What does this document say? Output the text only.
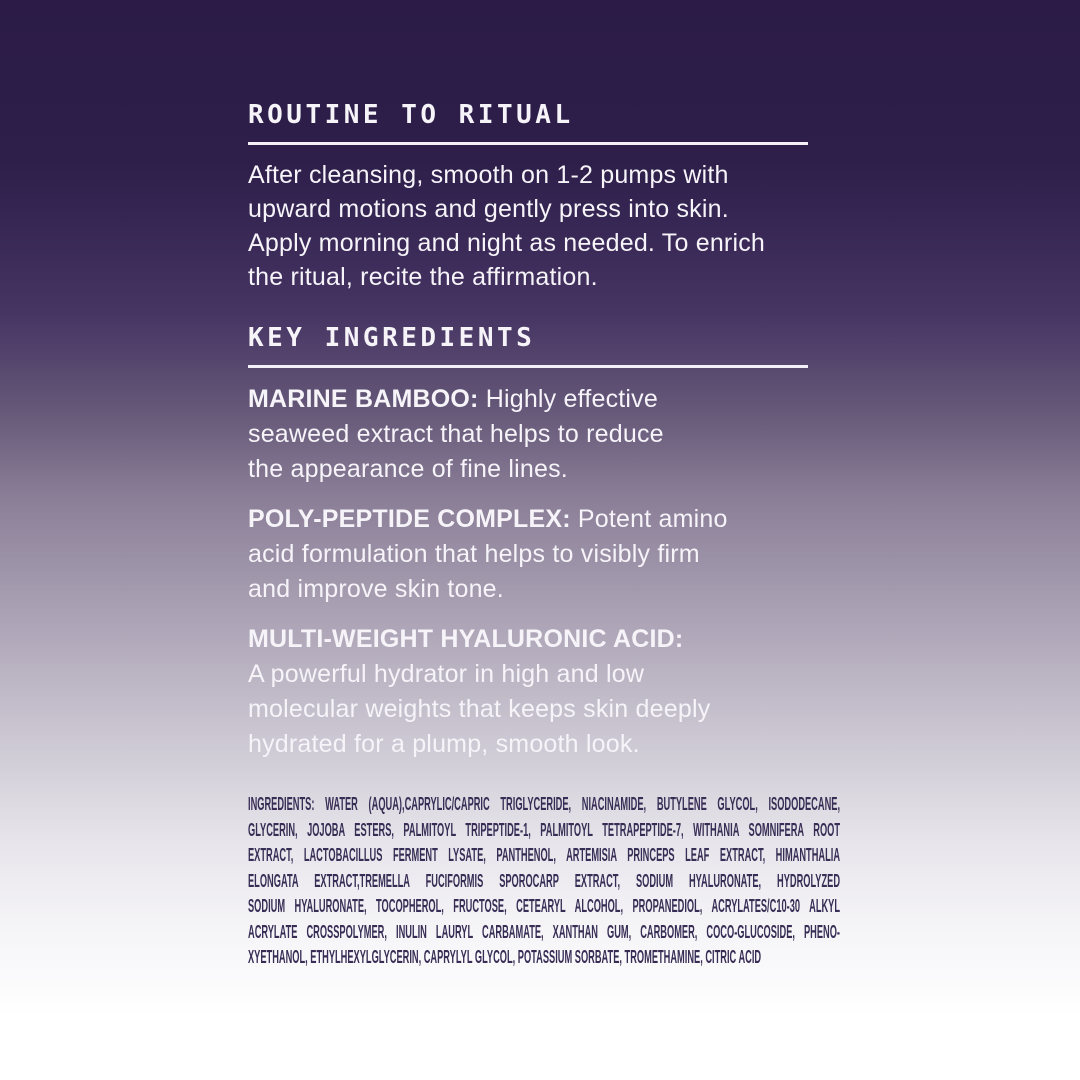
ROUTINE TO RITUAL
After cleansing, smooth on 1-2 pumps with
upward motions and gently press into skin.
Apply morning and night as needed. To enrich
the ritual, recite the affirmation.
KEY INGREDIENTS
MARINE BAMBOO: Highly effective
seaweed extract that helps to reduce
the appearance of fine lines.
POLY-PEPTIDE COMPLEX: Potent amino
acid formulation that helps to visibly firm
and improve skin tone.
MULTI-WEIGHT HYALURONIC ACID:
A powerful hydrator in high and low
molecular weights that keeps skin deeply
hydrated for a plump, smooth look.
INGREDIENTS: WATER (AQUA),CAPRYLIC/CAPRIC TRIGLYCERIDE, NIACINAMIDE, BUTYLENE GLYCOL, ISODODECANE,
GLYCERIN, JOJOBA ESTERS, PALMITOYL TRIPEPTIDE-1, PALMITOYL TETRAPEPTIDE-7, WITHANIA SOMNIFERA ROOT
EXTRACT, LACTOBACILLUS FERMENT LYSATE, PANTHENOL, ARTEMISIA PRINCEPS LEAF EXTRACT, HIMANTHALIA
ELONGATA EXTRACT,TREMELLA FUCIFORMIS SPOROCARP EXTRACT, SODIUM HYALURONATE, HYDROLYZED
SODIUM HYALURONATE, TOCOPHEROL, FRUCTOSE, CETEARYL ALCOHOL, PROPANEDIOL, ACRYLATES/C10-30 ALKYL
ACRYLATE CROSSPOLYMER, INULIN LAURYL CARBAMATE, XANTHAN GUM, CARBOMER, COCO-GLUCOSIDE, PHENO-
XYETHANOL, ETHYLHEXYLGLYCERIN, CAPRYLYL GLYCOL, POTASSIUM SORBATE, TROMETHAMINE, CITRIC ACID
